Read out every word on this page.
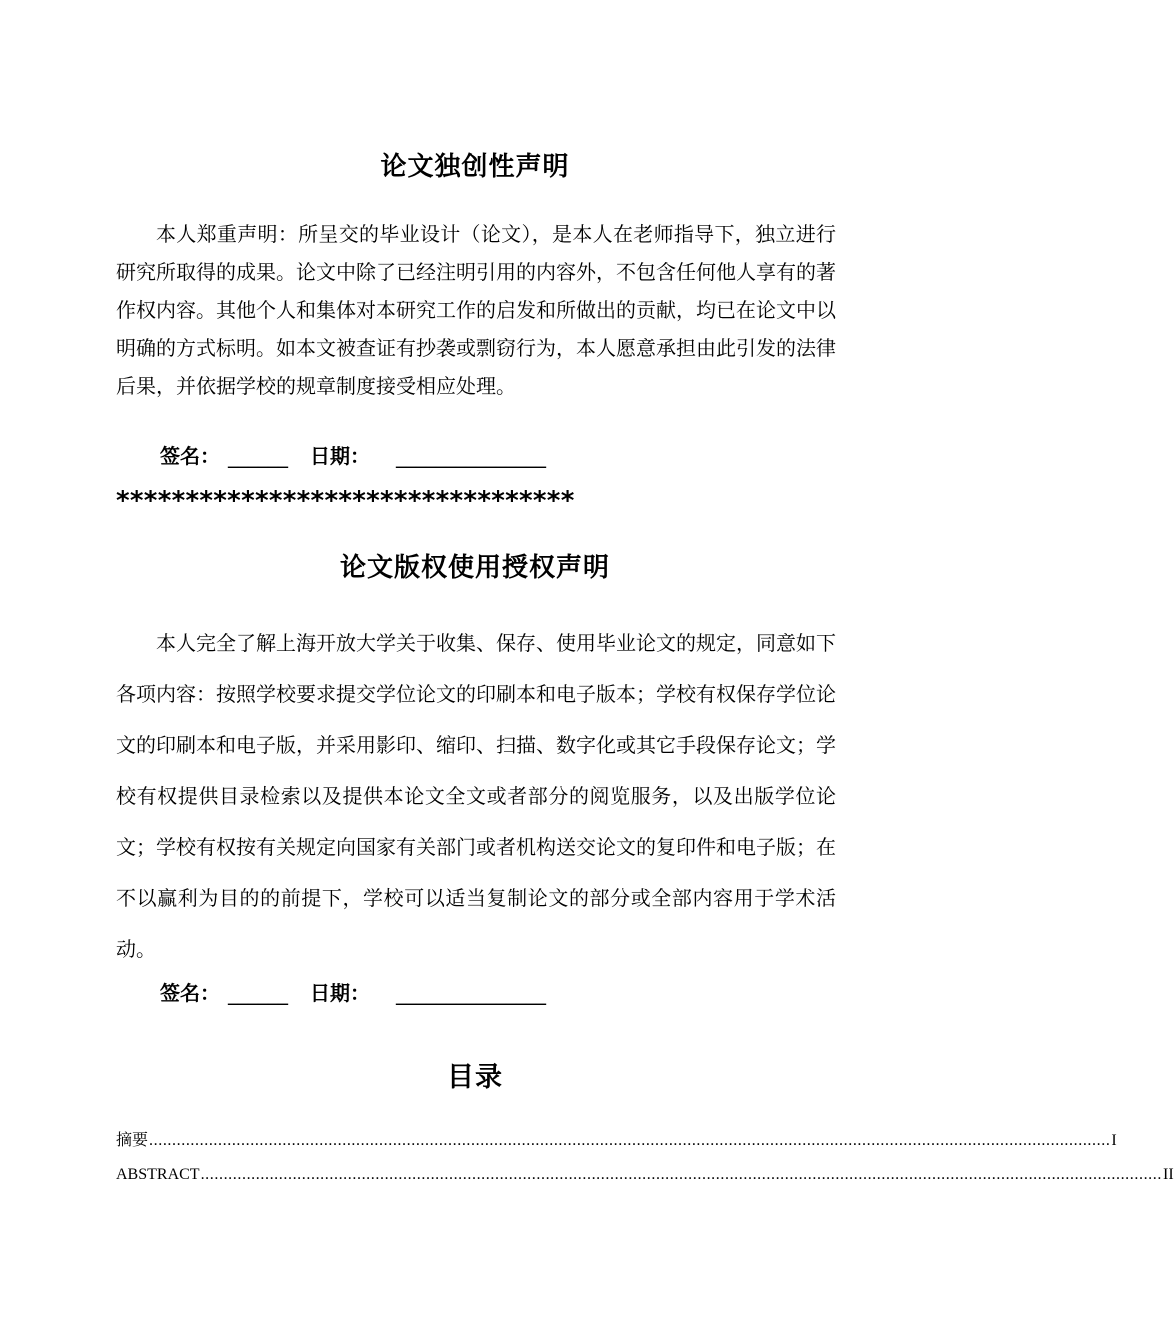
论文独创性声明

本人郑重声明：所呈交的毕业设计（论文），是本人在老师指导下，独立进行研究所取得的成果。论文中除了已经注明引用的内容外，不包含任何他人享有的著作权内容。其他个人和集体对本研究工作的启发和所做出的贡献，均已在论文中以明确的方式标明。如本文被查证有抄袭或剽窃行为，本人愿意承担由此引发的法律后果，并依据学校的规章制度接受相应处理。

签名： ______ 日期： _______________
*********************************
论文版权使用授权声明

本人完全了解上海开放大学关于收集、保存、使用毕业论文的规定，同意如下各项内容：按照学校要求提交学位论文的印刷本和电子版本；学校有权保存学位论文的印刷本和电子版，并采用影印、缩印、扫描、数字化或其它手段保存论文；学校有权提供目录检索以及提供本论文全文或者部分的阅览服务，以及出版学位论文；学校有权按有关规定向国家有关部门或者机构送交论文的复印件和电子版；在不以赢利为目的的前提下，学校可以适当复制论文的部分或全部内容用于学术活动。

签名： ______ 日期： _______________
目录
摘要 ................................................................................................................................................................................................................. I
ABSTRACT ................................................................................................................................................................................................................. II
